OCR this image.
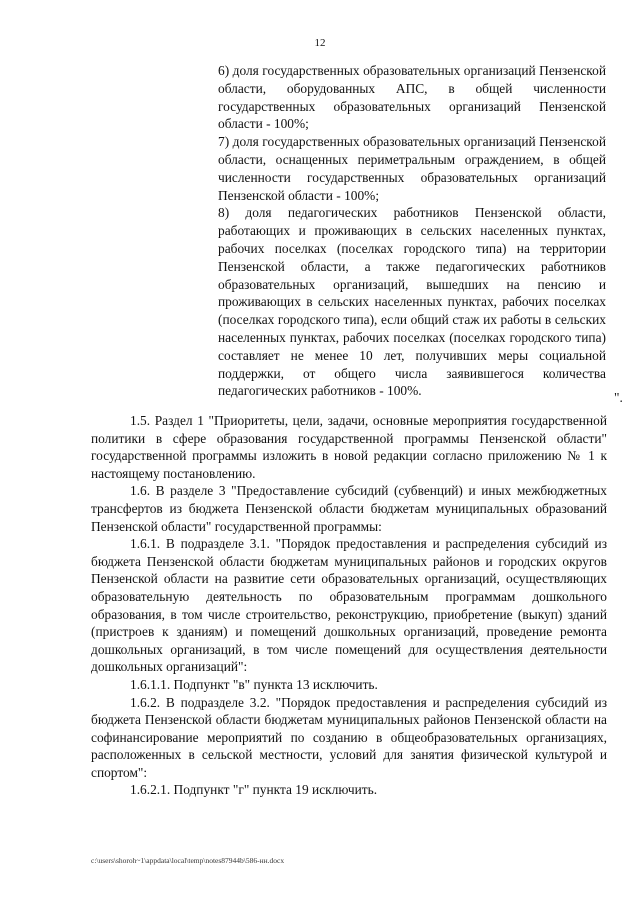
12

6) доля государственных образовательных организаций Пензенской области, оборудованных АПС, в общей численности государственных образовательных организаций Пензенской области - 100%;

7) доля государственных образовательных организаций Пензенской области, оснащенных периметральным ограждением, в общей численности государственных образовательных организаций Пензенской области - 100%;

8) доля педагогических работников Пензенской области, работающих и проживающих в сельских населенных пунктах, рабочих поселках (поселках городского типа) на территории Пензенской области, а также педагогических работников образовательных организаций, вышедших на пенсию и проживающих в сельских населенных пунктах, рабочих поселках (поселках городского типа), если общий стаж их работы в сельских населенных пунктах, рабочих поселках (поселках городского типа) составляет не менее 10 лет, получивших меры социальной поддержки, от общего числа заявившегося количества педагогических работников - 100%.	".

1.5. Раздел 1 "Приоритеты, цели, задачи, основные мероприятия государственной политики в сфере образования государственной программы Пензенской области" государственной программы изложить в новой редакции согласно приложению № 1 к настоящему постановлению.

1.6. В разделе 3 "Предоставление субсидий (субвенций) и иных межбюджетных трансфертов из бюджета Пензенской области бюджетам муниципальных образований Пензенской области" государственной программы:

1.6.1. В подразделе 3.1. "Порядок предоставления и распределения субсидий из бюджета Пензенской области бюджетам муниципальных районов и городских округов Пензенской области на развитие сети образовательных организаций, осуществляющих образовательную деятельность по образовательным программам дошкольного образования, в том числе строительство, реконструкцию, приобретение (выкуп) зданий (пристроев к зданиям) и помещений дошкольных организаций, проведение ремонта дошкольных организаций, в том числе помещений для осуществления деятельности дошкольных организаций":

1.6.1.1. Подпункт "в" пункта 13 исключить.

1.6.2. В подразделе 3.2. "Порядок предоставления и распределения субсидий из бюджета Пензенской области бюджетам муниципальных районов Пензенской области на софинансирование мероприятий по созданию в общеобразовательных организациях, расположенных в сельской местности, условий для занятия физической культурой и спортом":

1.6.2.1. Подпункт "г" пункта 19 исключить.

c:\users\shoroh~1\appdata\local\temp\notes87944b\586-нн.docx
